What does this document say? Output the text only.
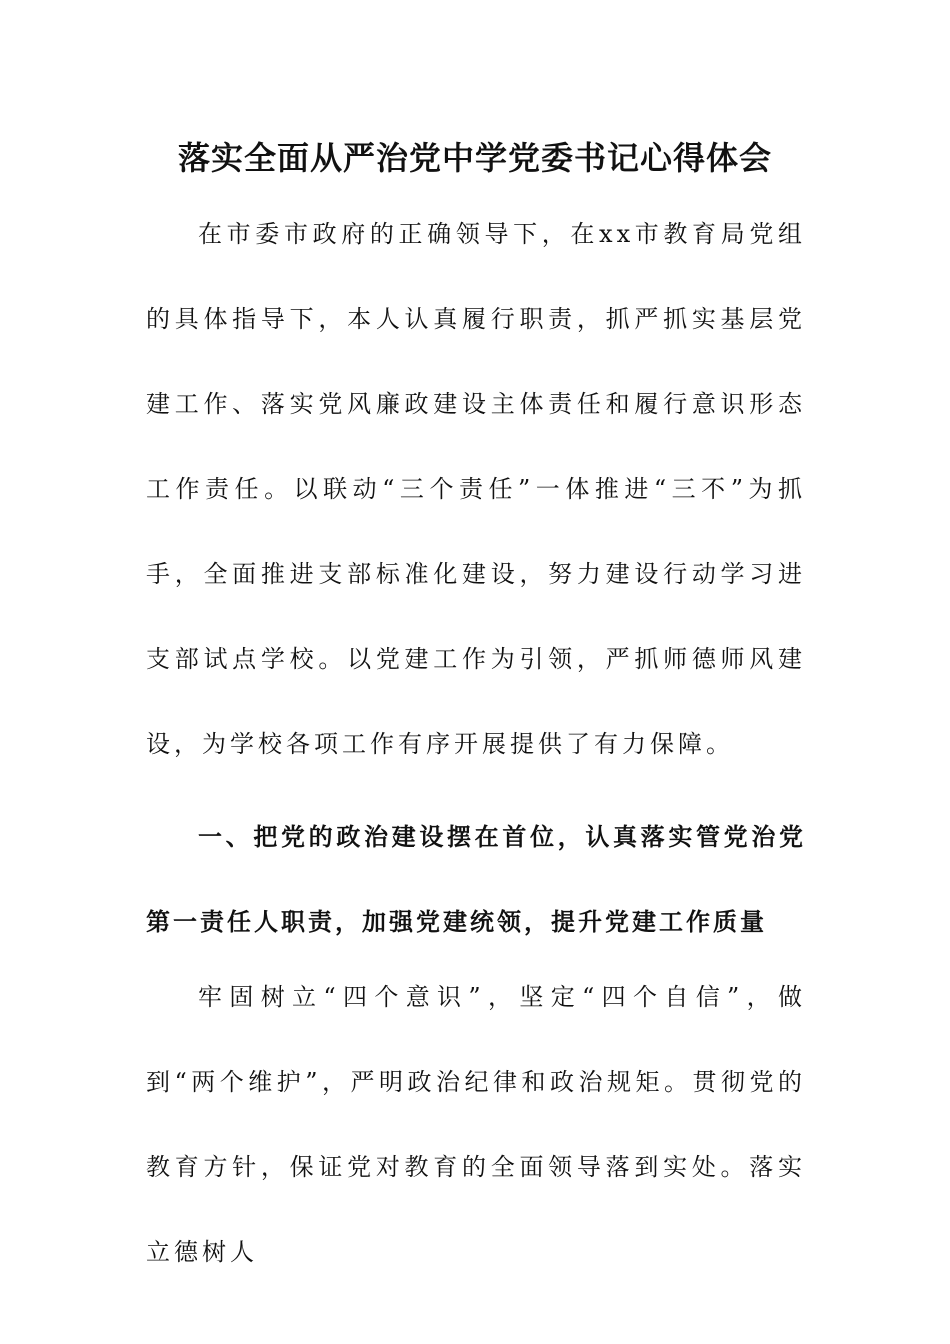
落实全面从严治党中学党委书记心得体会

在市委市政府的正确领导下，在xx市教育局党组的具体指导下，本人认真履行职责，抓严抓实基层党建工作、落实党风廉政建设主体责任和履行意识形态工作责任。以联动“三个责任”一体推进“三不”为抓手，全面推进支部标准化建设，努力建设行动学习进支部试点学校。以党建工作为引领，严抓师德师风建设，为学校各项工作有序开展提供了有力保障。

一、把党的政治建设摆在首位，认真落实管党治党第一责任人职责，加强党建统领，提升党建工作质量

牢固树立“四个意识”，坚定“四个自信”，做到“两个维护”，严明政治纪律和政治规矩。贯彻党的教育方针，保证党对教育的全面领导落到实处。落实立德树人
